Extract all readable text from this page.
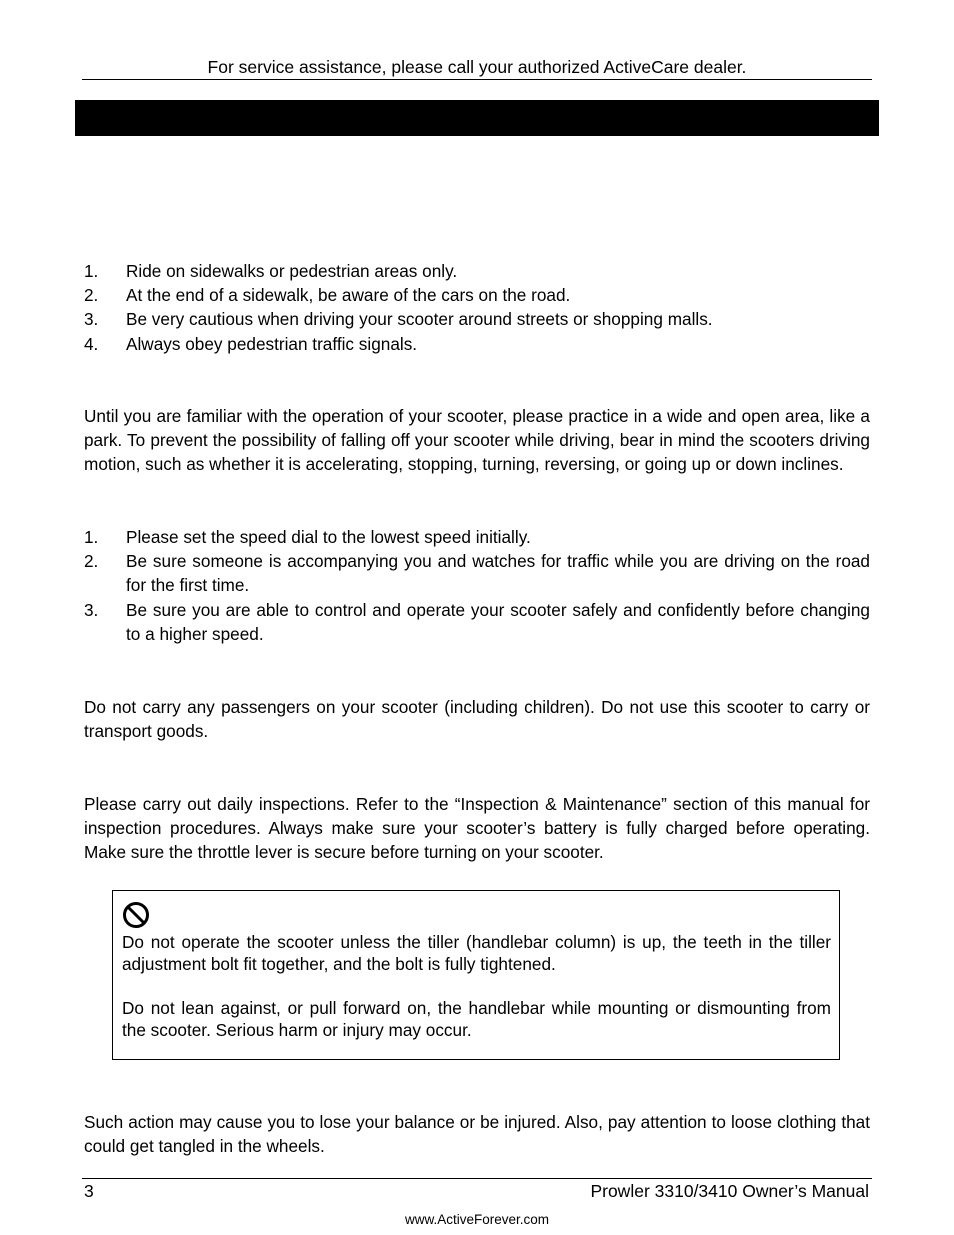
For service assistance, please call your authorized ActiveCare dealer.
1.	Ride on sidewalks or pedestrian areas only.
2.	At the end of a sidewalk, be aware of the cars on the road.
3.	Be very cautious when driving your scooter around streets or shopping malls.
4.	Always obey pedestrian traffic signals.

Until you are familiar with the operation of your scooter, please practice in a wide and open area, like a park. To prevent the possibility of falling off your scooter while driving, bear in mind the scooters driving motion, such as whether it is accelerating, stopping, turning, reversing, or going up or down inclines.

1.	Please set the speed dial to the lowest speed initially.
2.	Be sure someone is accompanying you and watches for traffic while you are driving on the road for the first time.
3.	Be sure you are able to control and operate your scooter safely and confidently before changing to a higher speed.

Do not carry any passengers on your scooter (including children). Do not use this scooter to carry or transport goods.

Please carry out daily inspections. Refer to the “Inspection & Maintenance” section of this manual for inspection procedures. Always make sure your scooter’s battery is fully charged before operating. Make sure the throttle lever is secure before turning on your scooter.

Do not operate the scooter unless the tiller (handlebar column) is up, the teeth in the tiller adjustment bolt fit together, and the bolt is fully tightened.

Do not lean against, or pull forward on, the handlebar while mounting or dismounting from the scooter. Serious harm or injury may occur.

Such action may cause you to lose your balance or be injured. Also, pay attention to loose clothing that could get tangled in the wheels.

3	Prowler 3310/3410 Owner’s Manual
www.ActiveForever.com
